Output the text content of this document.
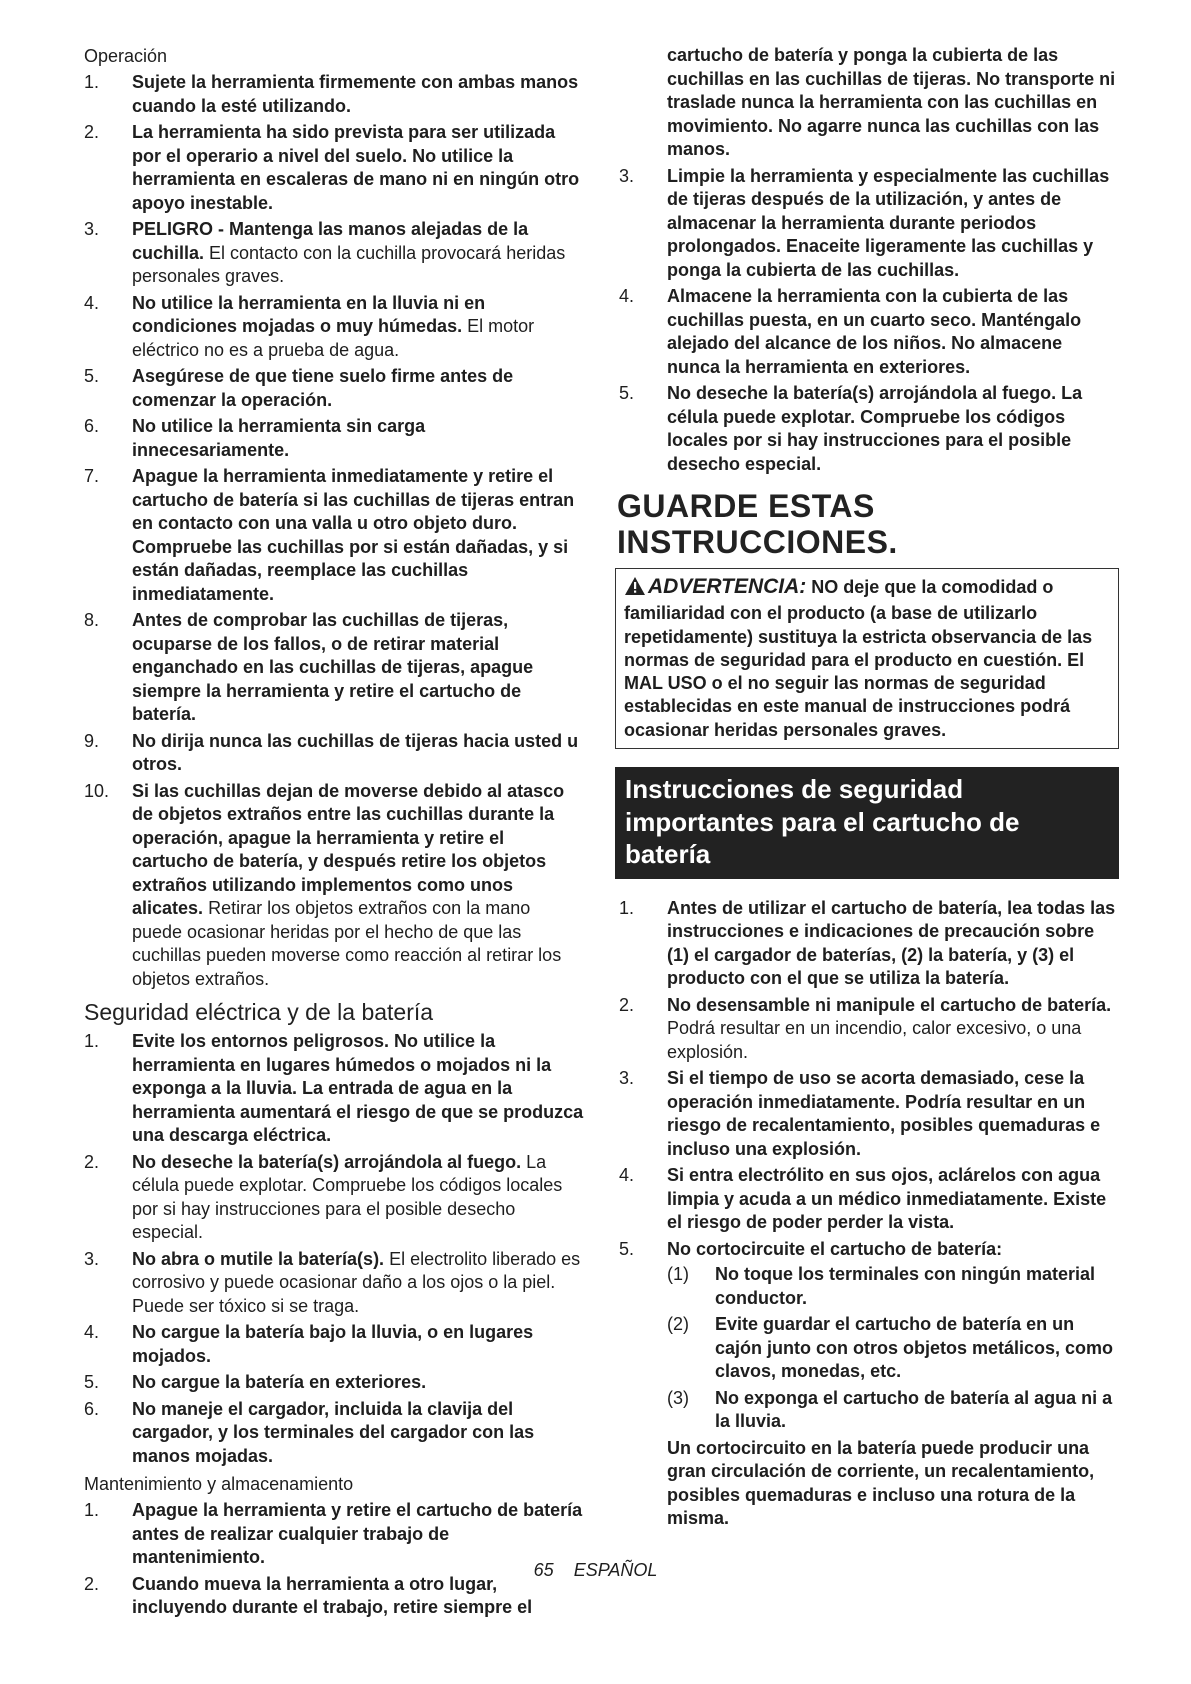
Operación
1. Sujete la herramienta firmemente con ambas manos cuando la esté utilizando.
2. La herramienta ha sido prevista para ser utilizada por el operario a nivel del suelo. No utilice la herramienta en escaleras de mano ni en ningún otro apoyo inestable.
3. PELIGRO - Mantenga las manos alejadas de la cuchilla. El contacto con la cuchilla provocará heridas personales graves.
4. No utilice la herramienta en la lluvia ni en condiciones mojadas o muy húmedas. El motor eléctrico no es a prueba de agua.
5. Asegúrese de que tiene suelo firme antes de comenzar la operación.
6. No utilice la herramienta sin carga innecesariamente.
7. Apague la herramienta inmediatamente y retire el cartucho de batería si las cuchillas de tijeras entran en contacto con una valla u otro objeto duro. Compruebe las cuchillas por si están dañadas, y si están dañadas, reemplace las cuchillas inmediatamente.
8. Antes de comprobar las cuchillas de tijeras, ocuparse de los fallos, o de retirar material enganchado en las cuchillas de tijeras, apague siempre la herramienta y retire el cartucho de batería.
9. No dirija nunca las cuchillas de tijeras hacia usted u otros.
10. Si las cuchillas dejan de moverse debido al atasco de objetos extraños entre las cuchillas durante la operación, apague la herramienta y retire el cartucho de batería, y después retire los objetos extraños utilizando implementos como unos alicates. Retirar los objetos extraños con la mano puede ocasionar heridas por el hecho de que las cuchillas pueden moverse como reacción al retirar los objetos extraños.
Seguridad eléctrica y de la batería
1. Evite los entornos peligrosos. No utilice la herramienta en lugares húmedos o mojados ni la exponga a la lluvia. La entrada de agua en la herramienta aumentará el riesgo de que se produzca una descarga eléctrica.
2. No deseche la batería(s) arrojándola al fuego. La célula puede explotar. Compruebe los códigos locales por si hay instrucciones para el posible desecho especial.
3. No abra o mutile la batería(s). El electrolito liberado es corrosivo y puede ocasionar daño a los ojos o la piel. Puede ser tóxico si se traga.
4. No cargue la batería bajo la lluvia, o en lugares mojados.
5. No cargue la batería en exteriores.
6. No maneje el cargador, incluida la clavija del cargador, y los terminales del cargador con las manos mojadas.
Mantenimiento y almacenamiento
1. Apague la herramienta y retire el cartucho de batería antes de realizar cualquier trabajo de mantenimiento.
2. Cuando mueva la herramienta a otro lugar, incluyendo durante el trabajo, retire siempre el
cartucho de batería y ponga la cubierta de las cuchillas en las cuchillas de tijeras. No transporte ni traslade nunca la herramienta con las cuchillas en movimiento. No agarre nunca las cuchillas con las manos.
3. Limpie la herramienta y especialmente las cuchillas de tijeras después de la utilización, y antes de almacenar la herramienta durante periodos prolongados. Enaceite ligeramente las cuchillas y ponga la cubierta de las cuchillas.
4. Almacene la herramienta con la cubierta de las cuchillas puesta, en un cuarto seco. Manténgalo alejado del alcance de los niños. No almacene nunca la herramienta en exteriores.
5. No deseche la batería(s) arrojándola al fuego. La célula puede explotar. Compruebe los códigos locales por si hay instrucciones para el posible desecho especial.
GUARDE ESTAS
INSTRUCCIONES.
ADVERTENCIA: NO deje que la comodidad o familiaridad con el producto (a base de utilizarlo repetidamente) sustituya la estricta observancia de las normas de seguridad para el producto en cuestión. El MAL USO o el no seguir las normas de seguridad establecidas en este manual de instrucciones podrá ocasionar heridas personales graves.
Instrucciones de seguridad importantes para el cartucho de batería
1. Antes de utilizar el cartucho de batería, lea todas las instrucciones e indicaciones de precaución sobre (1) el cargador de baterías, (2) la batería, y (3) el producto con el que se utiliza la batería.
2. No desensamble ni manipule el cartucho de batería. Podrá resultar en un incendio, calor excesivo, o una explosión.
3. Si el tiempo de uso se acorta demasiado, cese la operación inmediatamente. Podría resultar en un riesgo de recalentamiento, posibles quemaduras e incluso una explosión.
4. Si entra electrólito en sus ojos, aclárelos con agua limpia y acuda a un médico inmediatamente. Existe el riesgo de poder perder la vista.
5. No cortocircuite el cartucho de batería:
(1) No toque los terminales con ningún material conductor.
(2) Evite guardar el cartucho de batería en un cajón junto con otros objetos metálicos, como clavos, monedas, etc.
(3) No exponga el cartucho de batería al agua ni a la lluvia.
Un cortocircuito en la batería puede producir una gran circulación de corriente, un recalentamiento, posibles quemaduras e incluso una rotura de la misma.
65 ESPAÑOL
